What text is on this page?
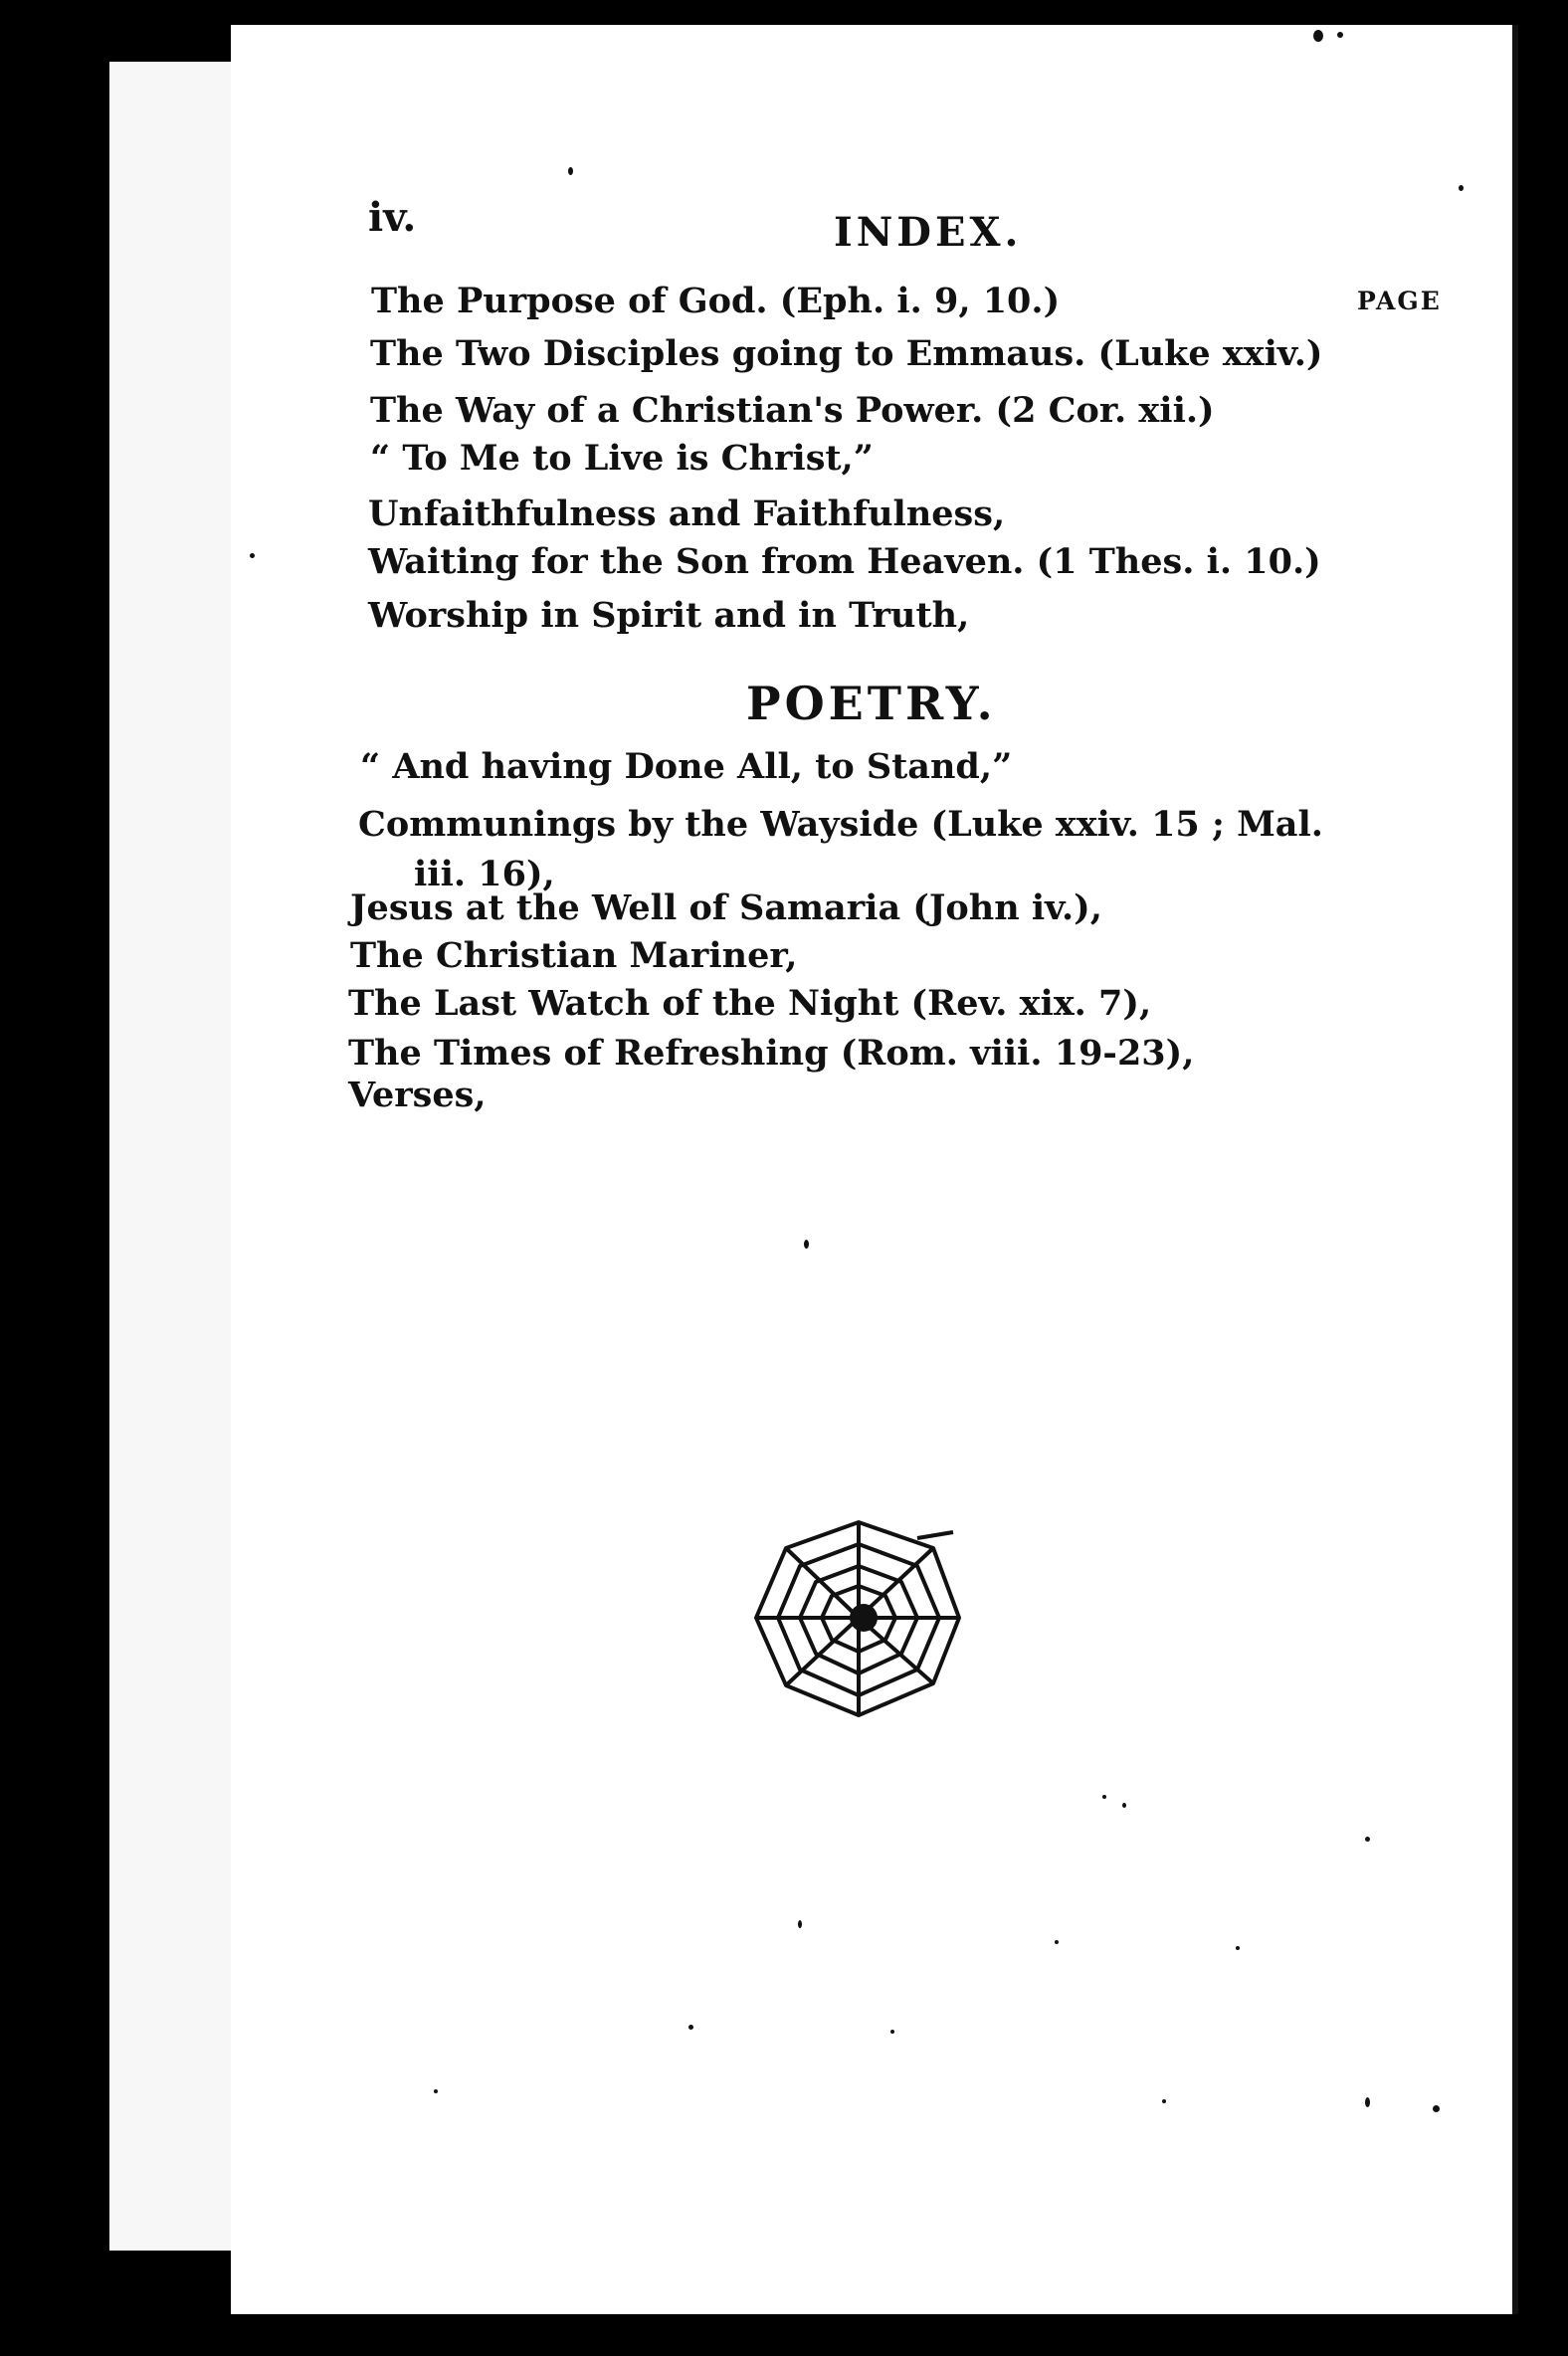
iv.	INDEX.
PAGE
The Purpose of God. (Eph. i. 9, 10.)
The Two Disciples going to Emmaus. (Luke xxiv.)
The Way of a Christian's Power. (2 Cor. xii.)
“ To Me to Live is Christ,”
Unfaithfulness and Faithfulness,
Waiting for the Son from Heaven. (1 Thes. i. 10.)
Worship in Spirit and in Truth,
POETRY.
“ And having Done All, to Stand,”
Communings by the Wayside (Luke xxiv. 15 ; Mal.
iii. 16),
Jesus at the Well of Samaria (John iv.),
The Christian Mariner,
The Last Watch of the Night (Rev. xix. 7),
The Times of Refreshing (Rom. viii. 19-23),
Verses,
